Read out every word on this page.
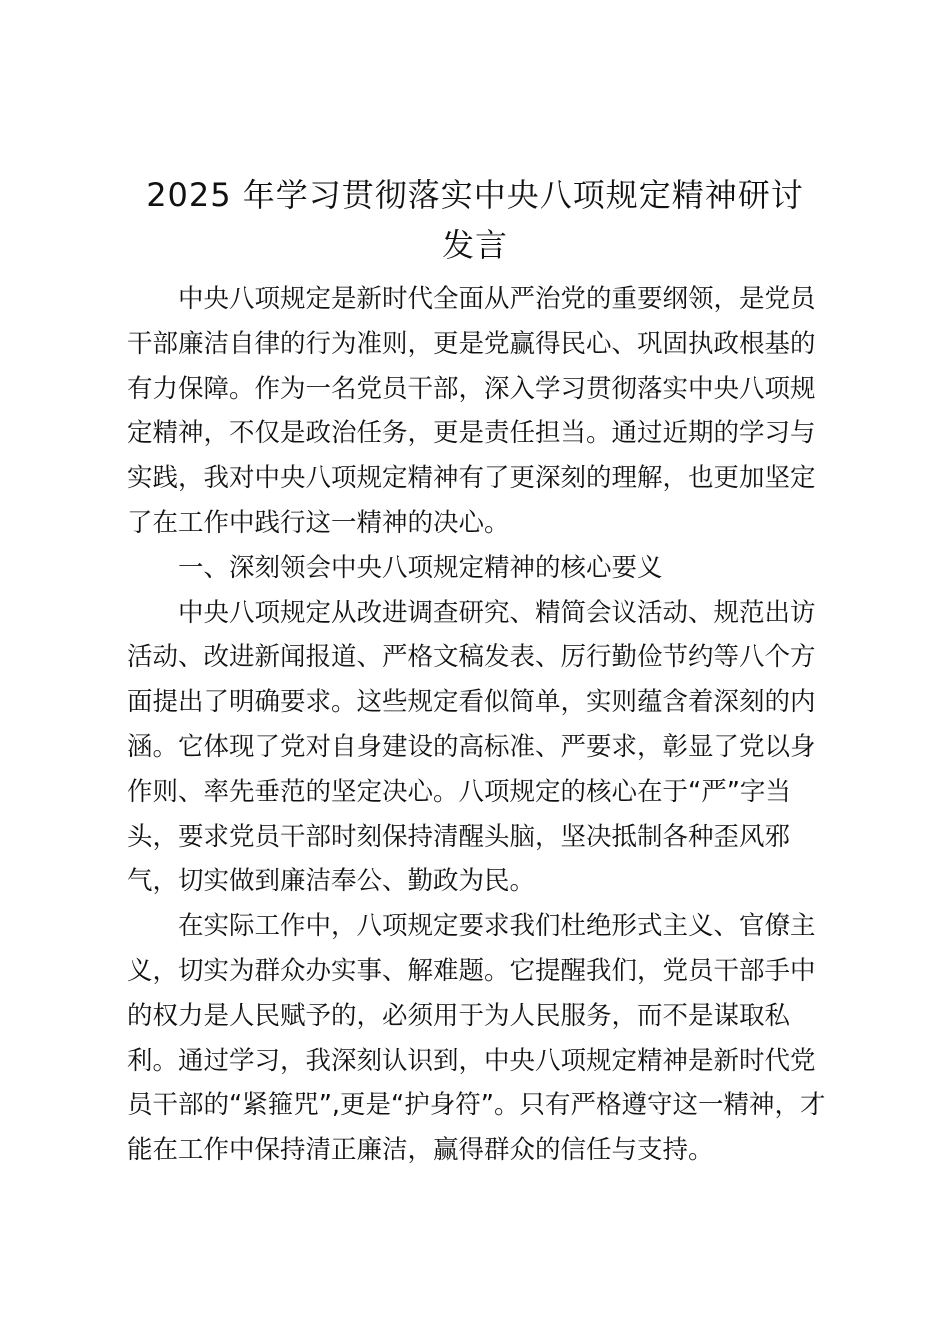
2025 年学习贯彻落实中央八项规定精神研讨
发言
中央八项规定是新时代全面从严治党的重要纲领，是党员
干部廉洁自律的行为准则，更是党赢得民心、巩固执政根基的
有力保障。作为一名党员干部，深入学习贯彻落实中央八项规
定精神，不仅是政治任务，更是责任担当。通过近期的学习与
实践，我对中央八项规定精神有了更深刻的理解，也更加坚定
了在工作中践行这一精神的决心。
一、深刻领会中央八项规定精神的核心要义
中央八项规定从改进调查研究、精简会议活动、规范出访
活动、改进新闻报道、严格文稿发表、厉行勤俭节约等八个方
面提出了明确要求。这些规定看似简单，实则蕴含着深刻的内
涵。它体现了党对自身建设的高标准、严要求，彰显了党以身
作则、率先垂范的坚定决心。八项规定的核心在于“严”字当
头，要求党员干部时刻保持清醒头脑，坚决抵制各种歪风邪
气，切实做到廉洁奉公、勤政为民。
在实际工作中，八项规定要求我们杜绝形式主义、官僚主
义，切实为群众办实事、解难题。它提醒我们，党员干部手中
的权力是人民赋予的，必须用于为人民服务，而不是谋取私
利。通过学习，我深刻认识到，中央八项规定精神是新时代党
员干部的“紧箍咒”,更是“护身符”。只有严格遵守这一精神，才
能在工作中保持清正廉洁，赢得群众的信任与支持。
